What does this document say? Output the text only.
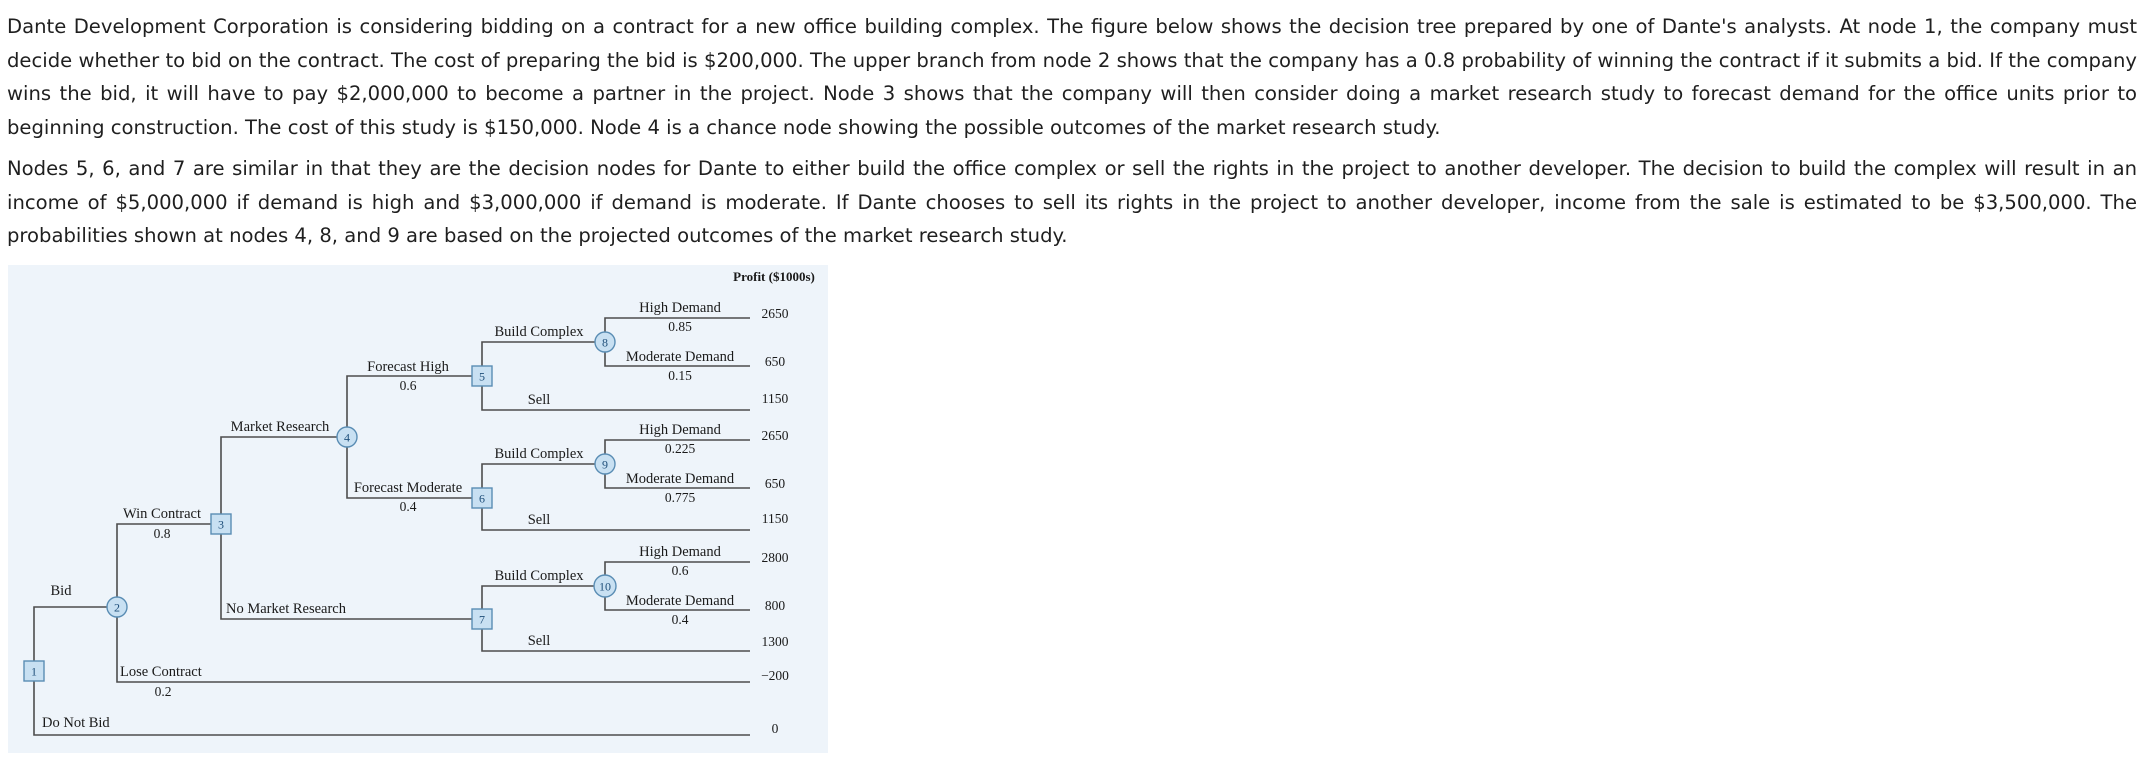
Dante Development Corporation is considering bidding on a contract for a new office building complex. The figure below shows the decision tree prepared by one of Dante's analysts. At node 1, the company must decide whether to bid on the contract. The cost of preparing the bid is $200,000. The upper branch from node 2 shows that the company has a 0.8 probability of winning the contract if it submits a bid. If the company wins the bid, it will have to pay $2,000,000 to become a partner in the project. Node 3 shows that the company will then consider doing a market research study to forecast demand for the office units prior to beginning construction. The cost of this study is $150,000. Node 4 is a chance node showing the possible outcomes of the market research study.

Nodes 5, 6, and 7 are similar in that they are the decision nodes for Dante to either build the office complex or sell the rights in the project to another developer. The decision to build the complex will result in an income of $5,000,000 if demand is high and $3,000,000 if demand is moderate. If Dante chooses to sell its rights in the project to another developer, income from the sale is estimated to be $3,500,000. The probabilities shown at nodes 4, 8, and 9 are based on the projected outcomes of the market research study.

1
2
3
4
5
6
7
8
9
10
Bid
Do Not Bid
Win Contract
0.8
Lose Contract
0.2
Market Research
No Market Research
Forecast High
0.6
Forecast Moderate
0.4
Build Complex
Sell
Build Complex
Sell
Build Complex
Sell
High Demand
0.85
Moderate Demand
0.15
High Demand
0.225
Moderate Demand
0.775
High Demand
0.6
Moderate Demand
0.4
Profit ($1000s)
2650
650
1150
2650
650
1150
2800
800
1300
−200
0
